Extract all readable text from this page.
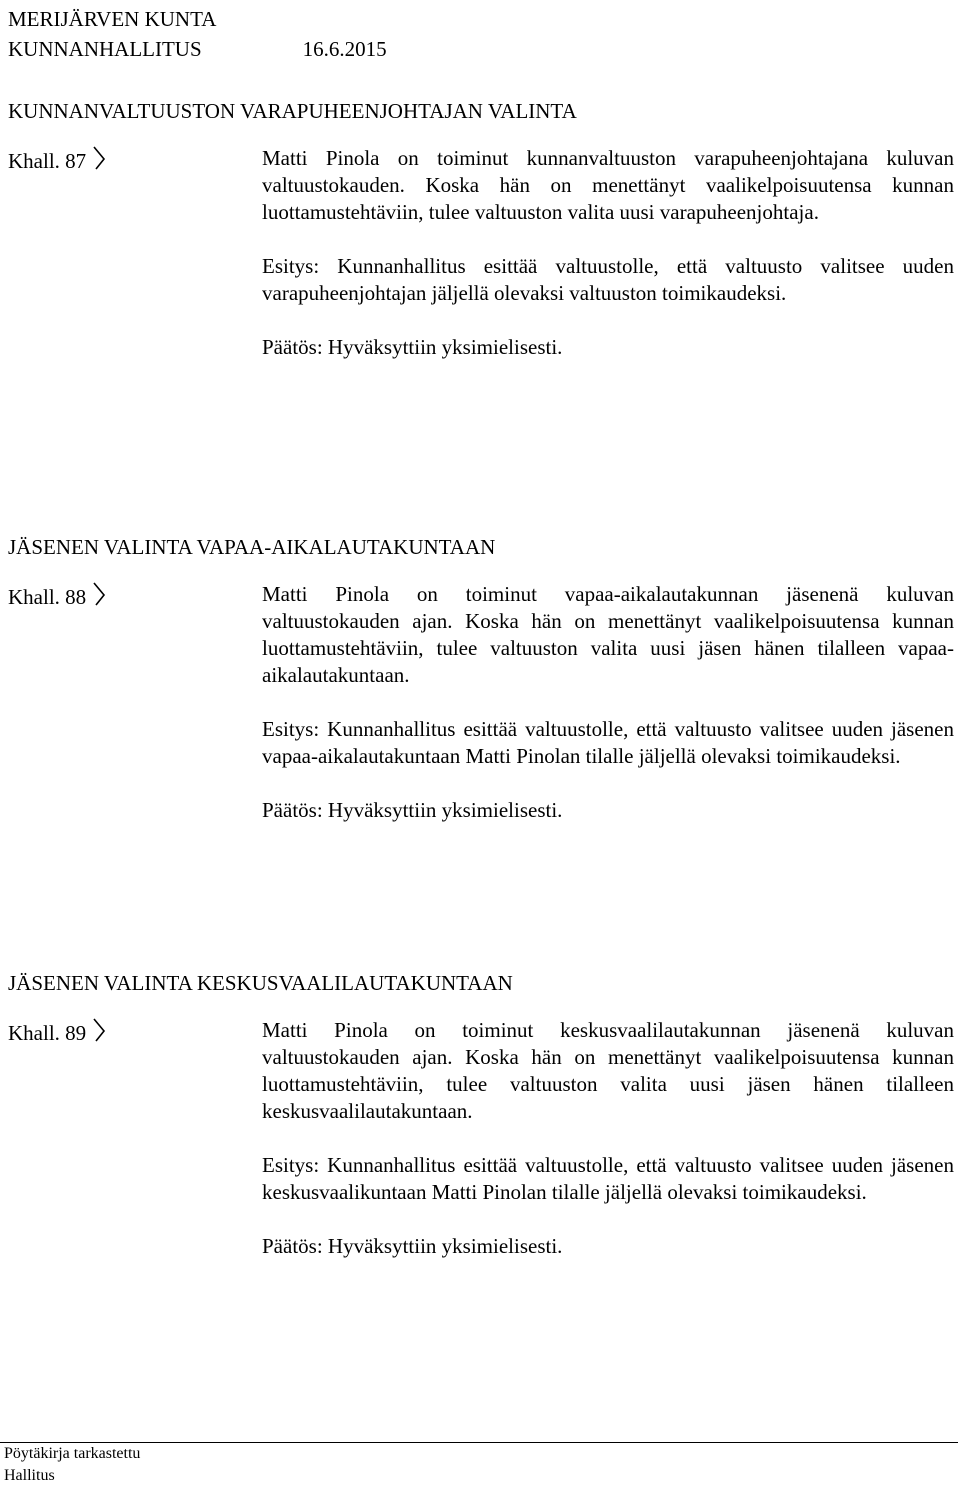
MERIJÄRVEN KUNTA
KUNNANHALLITUS	16.6.2015
KUNNANVALTUUSTON VARAPUHEENJOHTAJAN VALINTA
Khall. 87	Matti Pinola on toiminut kunnanvaltuuston varapuheenjohtajana kuluvan valtuustokauden. Koska hän on menettänyt vaalikelpoisuutensa kunnan luottamustehtäviin, tulee valtuuston valita uusi varapuheenjohtaja.

Esitys: Kunnanhallitus esittää valtuustolle, että valtuusto valitsee uuden varapuheenjohtajan jäljellä olevaksi valtuuston toimikaudeksi.

Päätös: Hyväksyttiin yksimielisesti.

JÄSENEN VALINTA VAPAA-AIKALAUTAKUNTAAN
Khall. 88	Matti Pinola on toiminut vapaa-aikalautakunnan jäsenenä kuluvan valtuustokauden ajan. Koska hän on menettänyt vaalikelpoisuutensa kunnan luottamustehtäviin, tulee valtuuston valita uusi jäsen hänen tilalleen vapaa-aikalautakuntaan.

Esitys: Kunnanhallitus esittää valtuustolle, että valtuusto valitsee uuden jäsenen vapaa-aikalautakuntaan Matti Pinolan tilalle jäljellä olevaksi toimikaudeksi.

Päätös: Hyväksyttiin yksimielisesti.

JÄSENEN VALINTA KESKUSVAALILAUTAKUNTAAN
Khall. 89	Matti Pinola on toiminut keskusvaalilautakunnan jäsenenä kuluvan valtuustokauden ajan. Koska hän on menettänyt vaalikelpoisuutensa kunnan luottamustehtäviin, tulee valtuuston valita uusi jäsen hänen tilalleen keskusvaalilautakuntaan.

Esitys: Kunnanhallitus esittää valtuustolle, että valtuusto valitsee uuden jäsenen keskusvaalikuntaan Matti Pinolan tilalle jäljellä olevaksi toimikaudeksi.

Päätös: Hyväksyttiin yksimielisesti.

Pöytäkirja tarkastettu
Hallitus
